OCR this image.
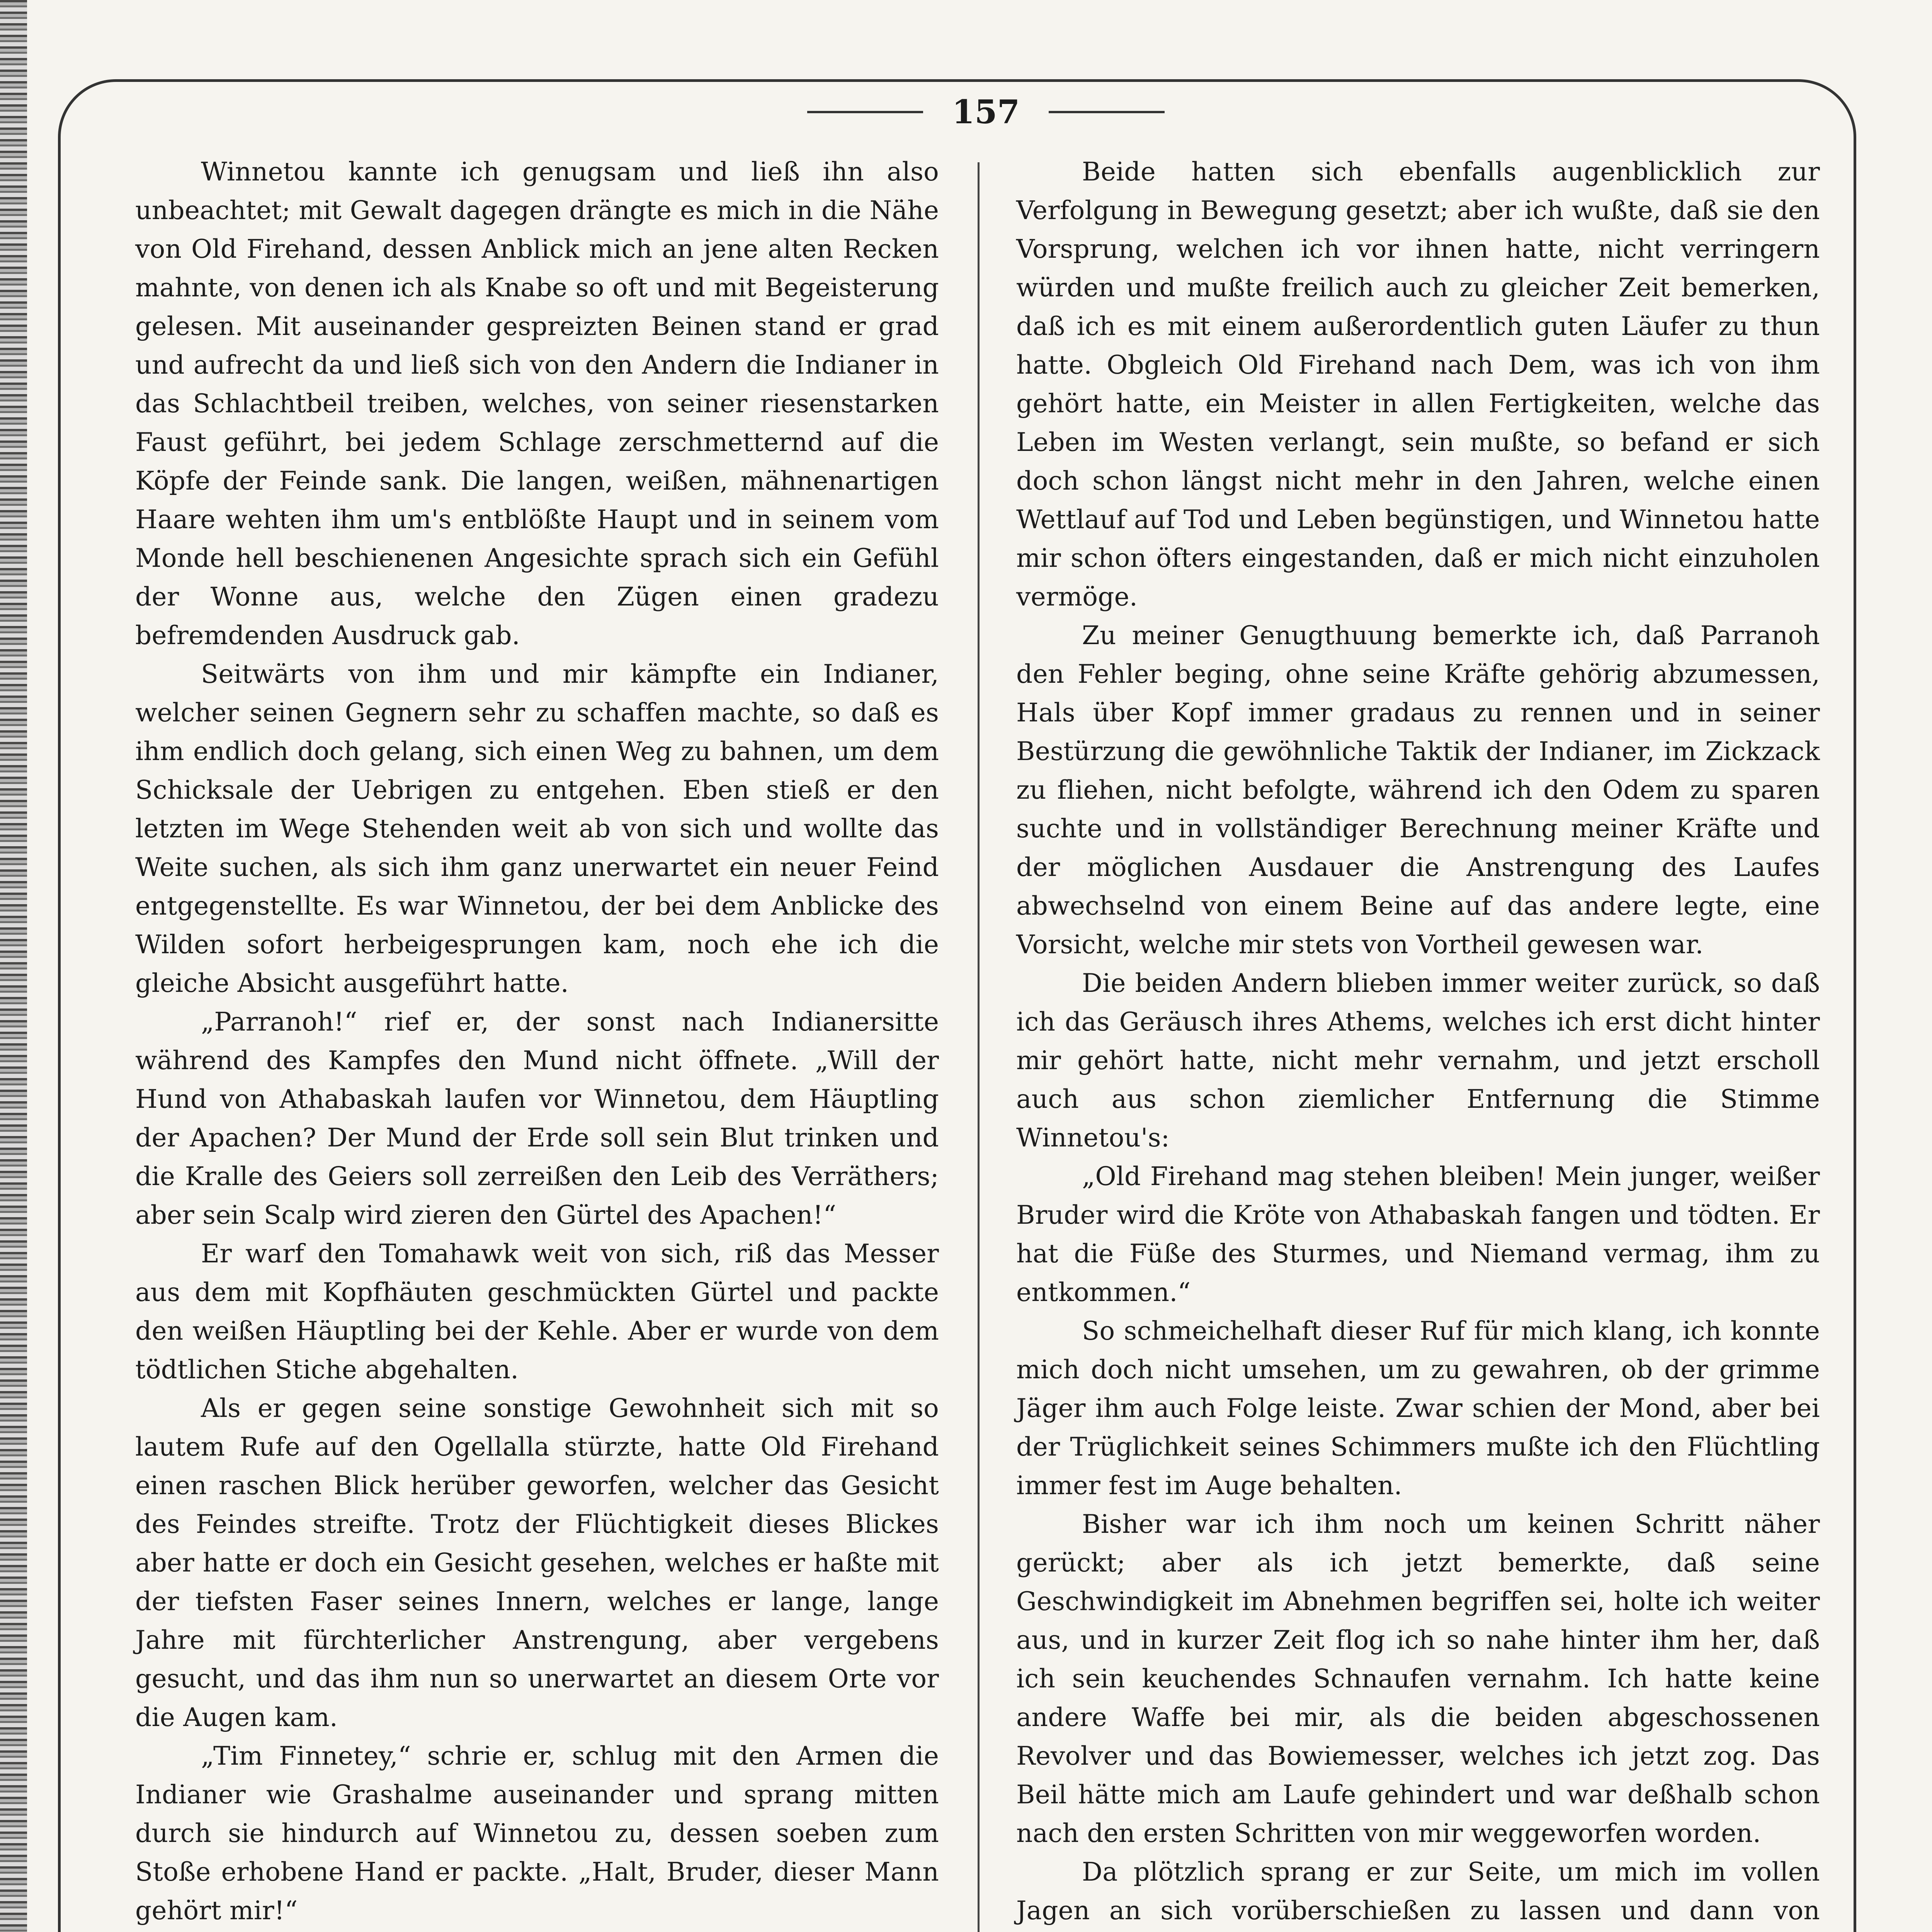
157

Winnetou kannte ich genugsam und ließ ihn also unbeachtet; mit Gewalt dagegen drängte es mich in die Nähe von Old Firehand, dessen Anblick mich an jene alten Recken mahnte, von denen ich als Knabe so oft und mit Begeisterung gelesen. Mit auseinander gespreizten Beinen stand er grad und aufrecht da und ließ sich von den Andern die Indianer in das Schlachtbeil treiben, welches, von seiner riesenstarken Faust geführt, bei jedem Schlage zerschmetternd auf die Köpfe der Feinde sank. Die langen, weißen, mähnenartigen Haare wehten ihm um's entblößte Haupt und in seinem vom Monde hell beschienenen Angesichte sprach sich ein Gefühl der Wonne aus, welche den Zügen einen gradezu befremdenden Ausdruck gab.

Seitwärts von ihm und mir kämpfte ein Indianer, welcher seinen Gegnern sehr zu schaffen machte, so daß es ihm endlich doch gelang, sich einen Weg zu bahnen, um dem Schicksale der Uebrigen zu entgehen. Eben stieß er den letzten im Wege Stehenden weit ab von sich und wollte das Weite suchen, als sich ihm ganz unerwartet ein neuer Feind entgegenstellte. Es war Winnetou, der bei dem Anblicke des Wilden sofort herbeigesprungen kam, noch ehe ich die gleiche Absicht ausgeführt hatte.

„Parranoh!“ rief er, der sonst nach Indianersitte während des Kampfes den Mund nicht öffnete. „Will der Hund von Athabaskah laufen vor Winnetou, dem Häuptling der Apachen? Der Mund der Erde soll sein Blut trinken und die Kralle des Geiers soll zerreißen den Leib des Verräthers; aber sein Scalp wird zieren den Gürtel des Apachen!“

Er warf den Tomahawk weit von sich, riß das Messer aus dem mit Kopfhäuten geschmückten Gürtel und packte den weißen Häuptling bei der Kehle. Aber er wurde von dem tödtlichen Stiche abgehalten.

Als er gegen seine sonstige Gewohnheit sich mit so lautem Rufe auf den Ogellalla stürzte, hatte Old Firehand einen raschen Blick herüber geworfen, welcher das Gesicht des Feindes streifte. Trotz der Flüchtigkeit dieses Blickes aber hatte er doch ein Gesicht gesehen, welches er haßte mit der tiefsten Faser seines Innern, welches er lange, lange Jahre mit fürchterlicher Anstrengung, aber vergebens gesucht, und das ihm nun so unerwartet an diesem Orte vor die Augen kam.

„Tim Finnetey,“ schrie er, schlug mit den Armen die Indianer wie Grashalme auseinander und sprang mitten durch sie hindurch auf Winnetou zu, dessen soeben zum Stoße erhobene Hand er packte. „Halt, Bruder, dieser Mann gehört mir!“

Beide hatten sich ebenfalls augenblicklich zur Verfolgung in Bewegung gesetzt; aber ich wußte, daß sie den Vorsprung, welchen ich vor ihnen hatte, nicht verringern würden und mußte freilich auch zu gleicher Zeit bemerken, daß ich es mit einem außerordentlich guten Läufer zu thun hatte. Obgleich Old Firehand nach Dem, was ich von ihm gehört hatte, ein Meister in allen Fertigkeiten, welche das Leben im Westen verlangt, sein mußte, so befand er sich doch schon längst nicht mehr in den Jahren, welche einen Wettlauf auf Tod und Leben begünstigen, und Winnetou hatte mir schon öfters eingestanden, daß er mich nicht einzuholen vermöge.

Zu meiner Genugthuung bemerkte ich, daß Parranoh den Fehler beging, ohne seine Kräfte gehörig abzumessen, Hals über Kopf immer gradaus zu rennen und in seiner Bestürzung die gewöhnliche Taktik der Indianer, im Zickzack zu fliehen, nicht befolgte, während ich den Odem zu sparen suchte und in vollständiger Berechnung meiner Kräfte und der möglichen Ausdauer die Anstrengung des Laufes abwechselnd von einem Beine auf das andere legte, eine Vorsicht, welche mir stets von Vortheil gewesen war.

Die beiden Andern blieben immer weiter zurück, so daß ich das Geräusch ihres Athems, welches ich erst dicht hinter mir gehört hatte, nicht mehr vernahm, und jetzt erscholl auch aus schon ziemlicher Entfernung die Stimme Winnetou's:

„Old Firehand mag stehen bleiben! Mein junger, weißer Bruder wird die Kröte von Athabaskah fangen und tödten. Er hat die Füße des Sturmes, und Niemand vermag, ihm zu entkommen.“

So schmeichelhaft dieser Ruf für mich klang, ich konnte mich doch nicht umsehen, um zu gewahren, ob der grimme Jäger ihm auch Folge leiste. Zwar schien der Mond, aber bei der Trüglichkeit seines Schimmers mußte ich den Flüchtling immer fest im Auge behalten.

Bisher war ich ihm noch um keinen Schritt näher gerückt; aber als ich jetzt bemerkte, daß seine Geschwindigkeit im Abnehmen begriffen sei, holte ich weiter aus, und in kurzer Zeit flog ich so nahe hinter ihm her, daß ich sein keuchendes Schnaufen vernahm. Ich hatte keine andere Waffe bei mir, als die beiden abgeschossenen Revolver und das Bowiemesser, welches ich jetzt zog. Das Beil hätte mich am Laufe gehindert und war deßhalb schon nach den ersten Schritten von mir weggeworfen worden.

Da plötzlich sprang er zur Seite, um mich im vollen Jagen an sich vorüberschießen zu lassen und dann von
